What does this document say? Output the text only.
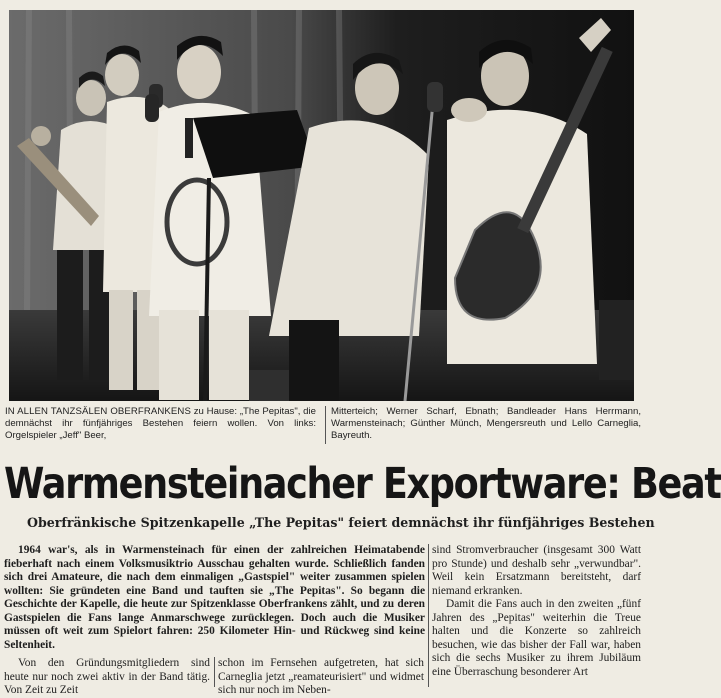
IN ALLEN TANZSÄLEN OBERFRANKENS zu Hause: „The Pepitas", die demnächst ihr fünfjähriges Bestehen feiern wollen. Von links: Orgelspieler „Jeff" Beer,
Mitterteich; Werner Scharf, Ebnath; Bandleader Hans Herrmann, Warmensteinach; Günther Münch, Mengersreuth und Lello Carneglia, Bayreuth.
Warmensteinacher Exportware: Beat
Oberfränkische Spitzenkapelle „The Pepitas" feiert demnächst ihr fünfjähriges Bestehen

1964 war's, als in Warmensteinach für einen der zahlreichen Heimatabende fieberhaft nach einem Volksmusiktrio Ausschau gehalten wurde. Schließlich fanden sich drei Amateure, die nach dem einmaligen „Gastspiel" weiter zusammen spielen wollten: Sie gründeten eine Band und tauften sie „The Pepitas". So begann die Geschichte der Kapelle, die heute zur Spitzenklasse Oberfrankens zählt, und zu deren Gastspielen die Fans lange Anmarschwege zurücklegen. Doch auch die Musiker müssen oft weit zum Spielort fahren: 250 Kilometer Hin- und Rückweg sind keine Seltenheit.

Von den Gründungsmitgliedern sind heute nur noch zwei aktiv in der Band tätig. Von Zeit zu Zeit

schon im Fernsehen aufgetreten, hat sich Carneglia jetzt „reamateurisiert" und widmet sich nur noch im Neben-

sind Stromverbraucher (insgesamt 300 Watt pro Stunde) und deshalb sehr „verwundbar". Weil kein Ersatzmann bereitsteht, darf niemand erkranken.

Damit die Fans auch in den zweiten „fünf Jahren des „Pepitas" weiterhin die Treue halten und die Konzerte so zahlreich besuchen, wie das bisher der Fall war, haben sich die sechs Musiker zu ihrem Jubiläum eine Überraschung besonderer Art
